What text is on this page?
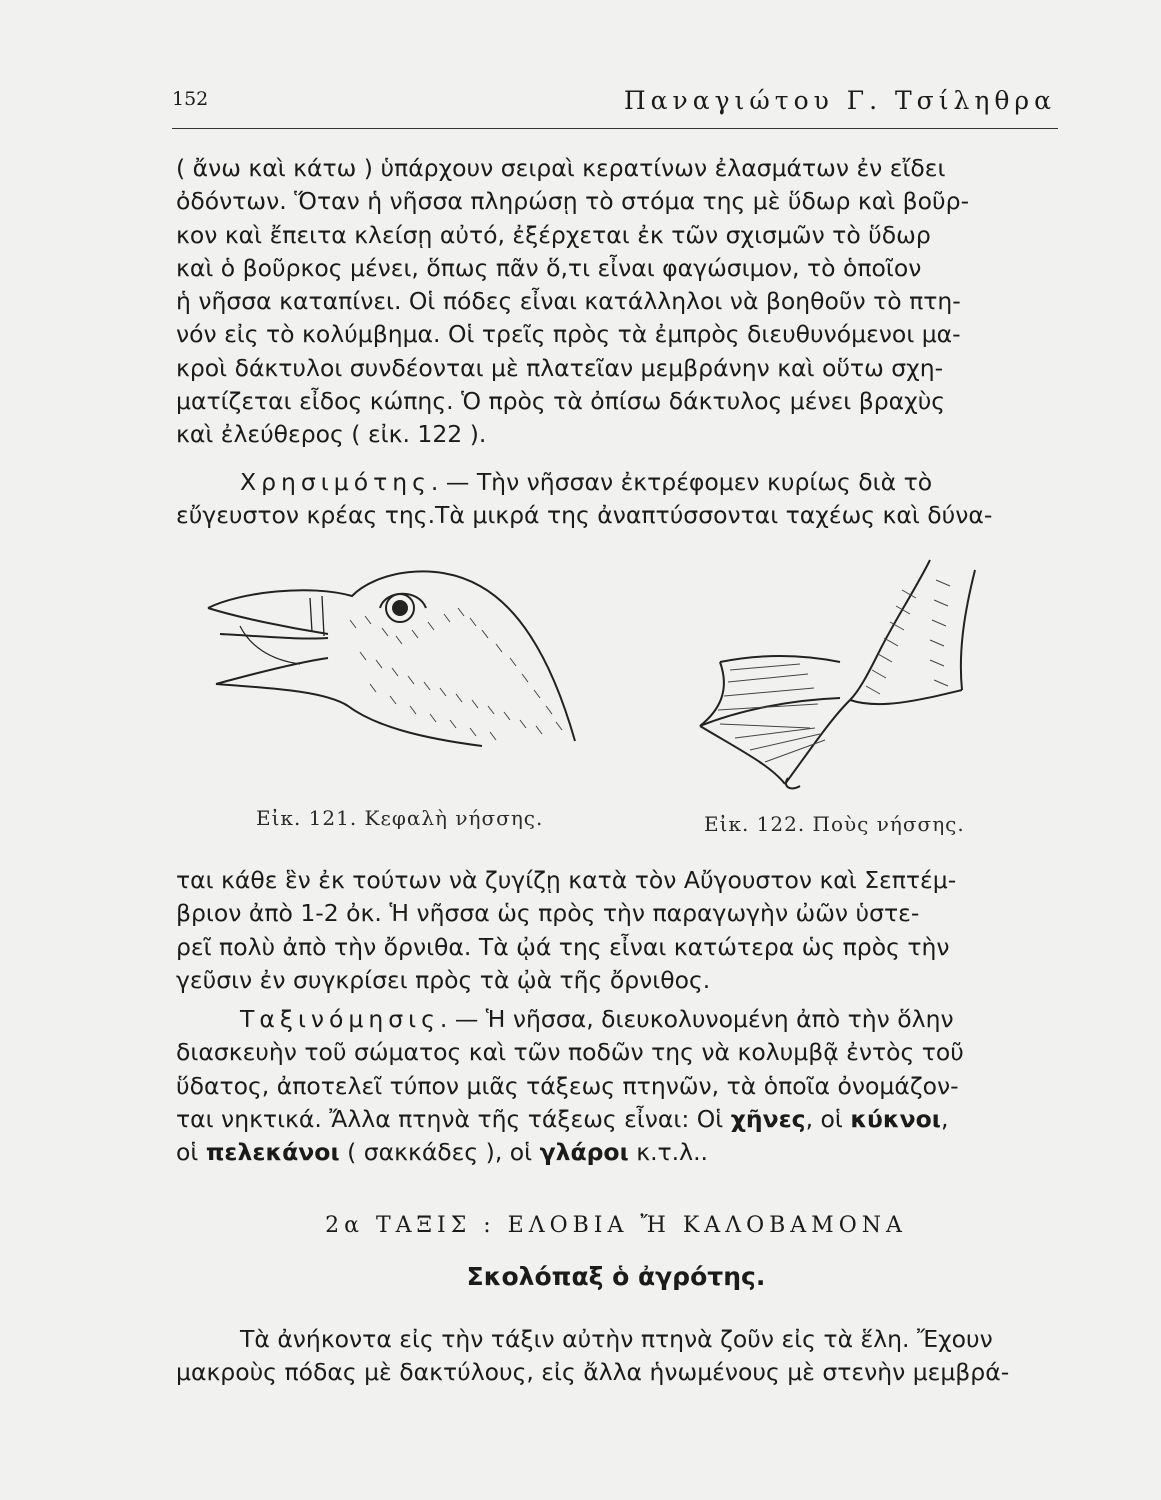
152	Παναγιώτου Γ. Τσίληθρα

( ἄνω καὶ κάτω ) ὑπάρχουν σειραὶ κερατίνων ἐλασμάτων ἐν εἴδει

ὀδόντων. Ὅταν ἡ νῆσσα πληρώσῃ τὸ στόμα της μὲ ὕδωρ καὶ βοῦρ-

κον καὶ ἔπειτα κλείσῃ αὐτό, ἐξέρχεται ἐκ τῶν σχισμῶν τὸ ὕδωρ

καὶ ὁ βοῦρκος μένει, ὅπως πᾶν ὅ,τι εἶναι φαγώσιμον, τὸ ὁποῖον

ἡ νῆσσα καταπίνει. Οἱ πόδες εἶναι κατάλληλοι νὰ βοηθοῦν τὸ πτη-

νόν εἰς τὸ κολύμβημα. Οἱ τρεῖς πρὸς τὰ ἐμπρὸς διευθυνόμενοι μα-

κροὶ δάκτυλοι συνδέονται μὲ πλατεῖαν μεμβράνην καὶ οὕτω σχη-

ματίζεται εἶδος κώπης. Ὁ πρὸς τὰ ὀπίσω δάκτυλος μένει βραχὺς

καὶ ἐλεύθερος ( εἰκ. 122 ).

Χρησιμότης. — Τὴν νῆσσαν ἐκτρέφομεν κυρίως διὰ τὸ

εὔγευστον κρέας της.Τὰ μικρά της ἀναπτύσσονται ταχέως καὶ δύνα-

Εἰκ. 121. Κεφαλὴ νήσσης.	Εἰκ. 122. Ποὺς νήσσης.

ται κάθε ἓν ἐκ τούτων νὰ ζυγίζῃ κατὰ τὸν Αὔγουστον καὶ Σεπτέμ-

βριον ἀπὸ 1-2 ὀκ. Ἡ νῆσσα ὡς πρὸς τὴν παραγωγὴν ὠῶν ὑστε-

ρεῖ πολὺ ἀπὸ τὴν ὄρνιθα. Τὰ ᾠά της εἶναι κατώτερα ὡς πρὸς τὴν

γεῦσιν ἐν συγκρίσει πρὸς τὰ ᾠὰ τῆς ὄρνιθος.

Ταξινόμησις. — Ἡ νῆσσα, διευκολυνομένη ἀπὸ τὴν ὅλην

διασκευὴν τοῦ σώματος καὶ τῶν ποδῶν της νὰ κολυμβᾷ ἐντὸς τοῦ

ὕδατος, ἀποτελεῖ τύπον μιᾶς τάξεως πτηνῶν, τὰ ὁποῖα ὀνομάζον-

ται νηκτικά. Ἄλλα πτηνὰ τῆς τάξεως εἶναι: Οἱ χῆνες, οἱ κύκνοι,

οἱ πελεκάνοι ( σακκάδες ), οἱ γλάροι κ.τ.λ..

2α ΤΑΞΙΣ : ΕΛΟΒΙΑ Ἤ ΚΑΛΟΒΑΜΟΝΑ
Σκολόπαξ ὁ ἀγρότης.

Τὰ ἀνήκοντα εἰς τὴν τάξιν αὐτὴν πτηνὰ ζοῦν εἰς τὰ ἕλη. Ἔχουν

μακροὺς πόδας μὲ δακτύλους, εἰς ἄλλα ἡνωμένους μὲ στενὴν μεμβρά-
